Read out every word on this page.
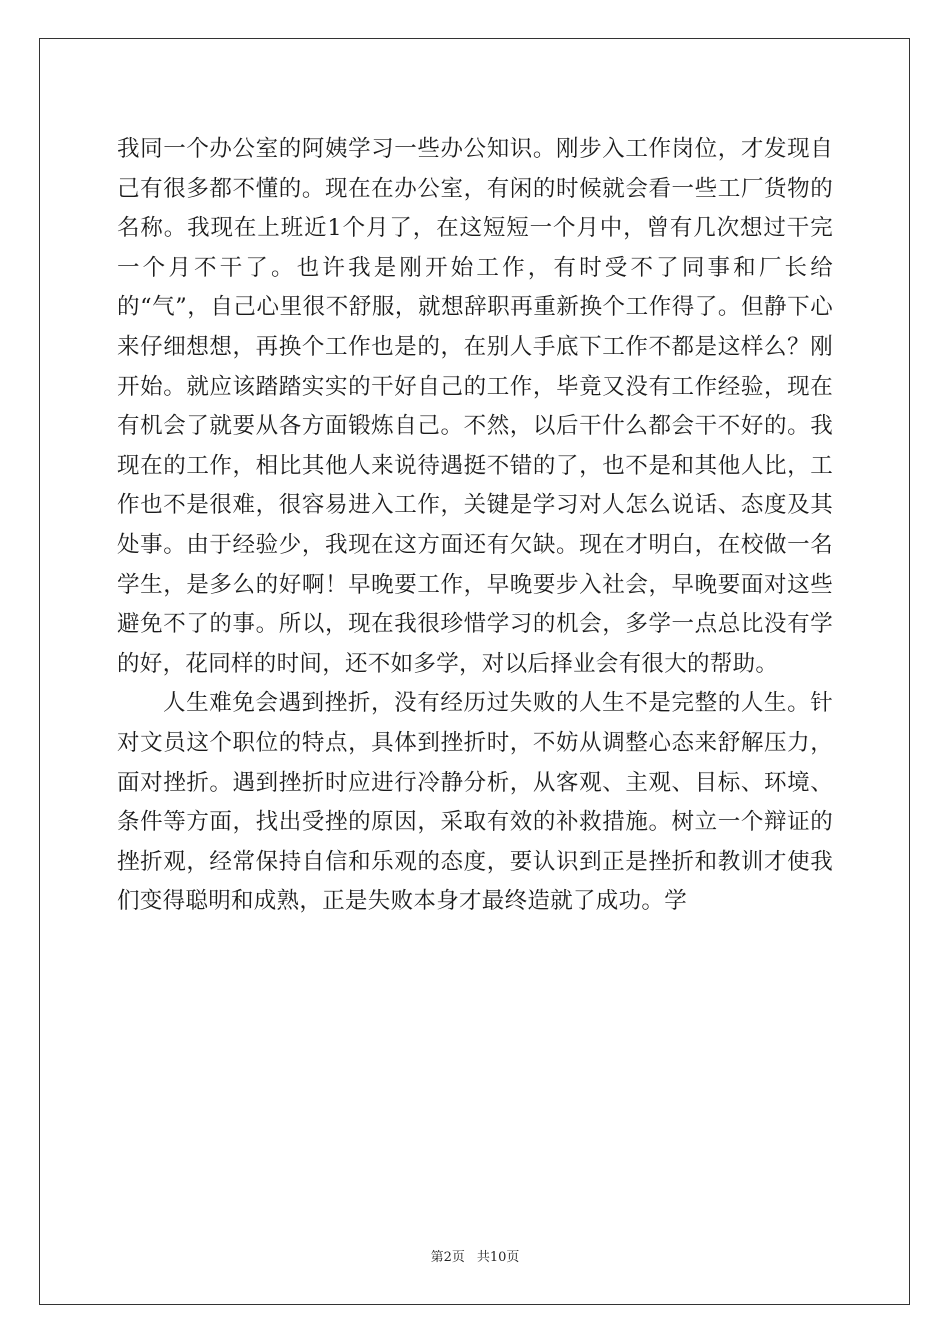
我同一个办公室的阿姨学习一些办公知识。刚步入工作岗位，才发现自己有很多都不懂的。现在在办公室，有闲的时候就会看一些工厂货物的名称。我现在上班近1个月了，在这短短一个月中，曾有几次想过干完一个月不干了。也许我是刚开始工作，有时受不了同事和厂长给的“气”，自己心里很不舒服，就想辞职再重新换个工作得了。但静下心来仔细想想，再换个工作也是的，在别人手底下工作不都是这样么？刚开始。就应该踏踏实实的干好自己的工作，毕竟又没有工作经验，现在有机会了就要从各方面锻炼自己。不然，以后干什么都会干不好的。我现在的工作，相比其他人来说待遇挺不错的了，也不是和其他人比，工作也不是很难，很容易进入工作，关键是学习对人怎么说话、态度及其处事。由于经验少，我现在这方面还有欠缺。现在才明白，在校做一名学生，是多么的好啊！早晚要工作，早晚要步入社会，早晚要面对这些避免不了的事。所以，现在我很珍惜学习的机会，多学一点总比没有学的好，花同样的时间，还不如多学，对以后择业会有很大的帮助。

人生难免会遇到挫折，没有经历过失败的人生不是完整的人生。针对文员这个职位的特点，具体到挫折时，不妨从调整心态来舒解压力，面对挫折。遇到挫折时应进行冷静分析，从客观、主观、目标、环境、条件等方面，找出受挫的原因，采取有效的补救措施。树立一个辩证的挫折观，经常保持自信和乐观的态度，要认识到正是挫折和教训才使我们变得聪明和成熟，正是失败本身才最终造就了成功。学

第2页 共10页
